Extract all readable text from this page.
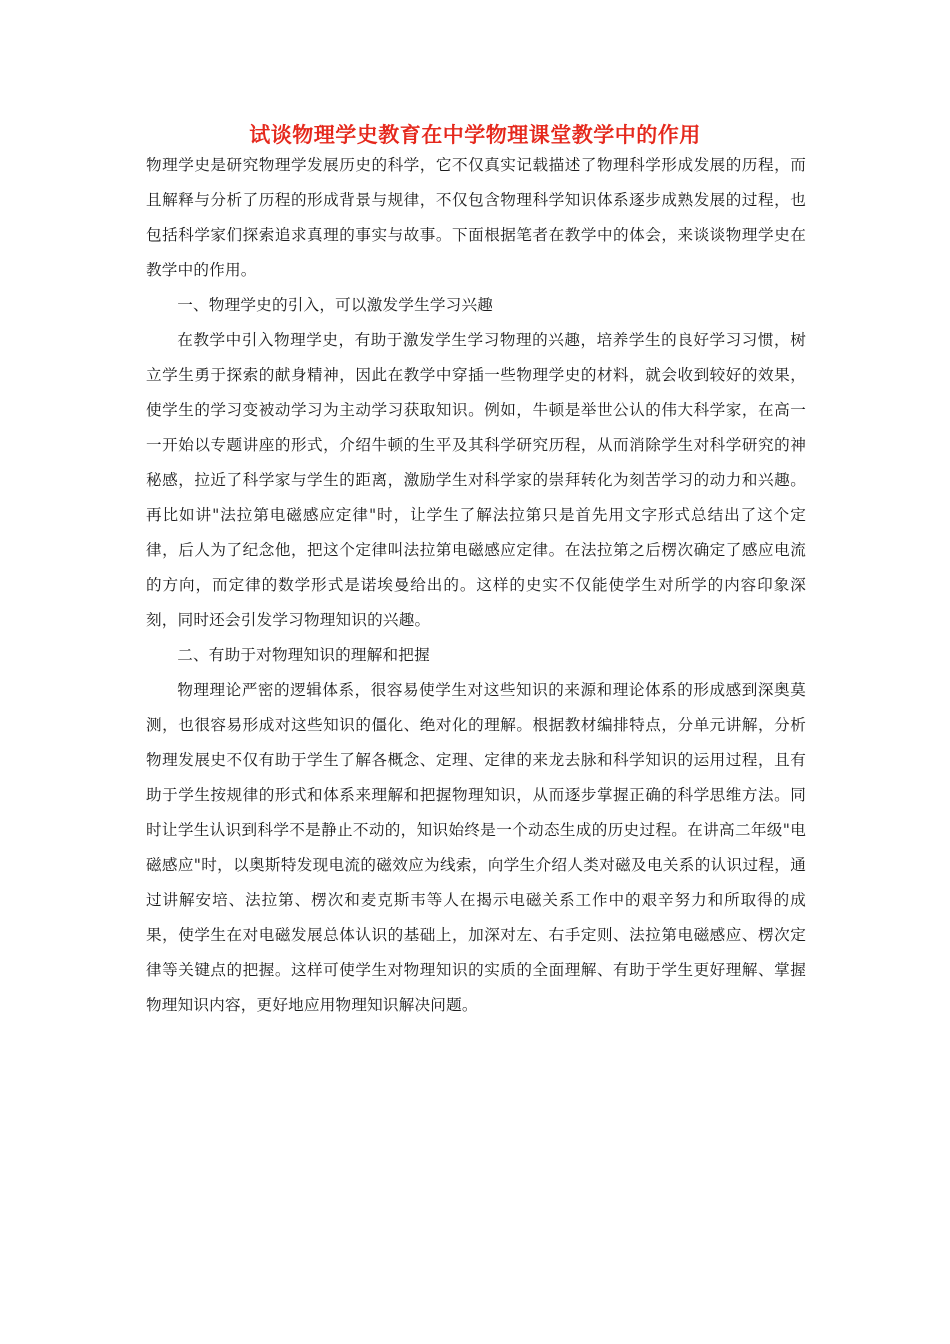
试谈物理学史教育在中学物理课堂教学中的作用

物理学史是研究物理学发展历史的科学，它不仅真实记载描述了物理科学形成发展的历程，而且解释与分析了历程的形成背景与规律，不仅包含物理科学知识体系逐步成熟发展的过程，也包括科学家们探索追求真理的事实与故事。下面根据笔者在教学中的体会，来谈谈物理学史在教学中的作用。

一、物理学史的引入，可以激发学生学习兴趣

在教学中引入物理学史，有助于激发学生学习物理的兴趣，培养学生的良好学习习惯，树立学生勇于探索的献身精神，因此在教学中穿插一些物理学史的材料，就会收到较好的效果，使学生的学习变被动学习为主动学习获取知识。例如，牛顿是举世公认的伟大科学家，在高一一开始以专题讲座的形式，介绍牛顿的生平及其科学研究历程，从而消除学生对科学研究的神秘感，拉近了科学家与学生的距离，激励学生对科学家的崇拜转化为刻苦学习的动力和兴趣。再比如讲"法拉第电磁感应定律"时，让学生了解法拉第只是首先用文字形式总结出了这个定律，后人为了纪念他，把这个定律叫法拉第电磁感应定律。在法拉第之后楞次确定了感应电流的方向，而定律的数学形式是诺埃曼给出的。这样的史实不仅能使学生对所学的内容印象深刻，同时还会引发学习物理知识的兴趣。

二、有助于对物理知识的理解和把握

物理理论严密的逻辑体系，很容易使学生对这些知识的来源和理论体系的形成感到深奥莫测，也很容易形成对这些知识的僵化、绝对化的理解。根据教材编排特点，分单元讲解，分析物理发展史不仅有助于学生了解各概念、定理、定律的来龙去脉和科学知识的运用过程，且有助于学生按规律的形式和体系来理解和把握物理知识，从而逐步掌握正确的科学思维方法。同时让学生认识到科学不是静止不动的，知识始终是一个动态生成的历史过程。在讲高二年级"电磁感应"时，以奥斯特发现电流的磁效应为线索，向学生介绍人类对磁及电关系的认识过程，通过讲解安培、法拉第、楞次和麦克斯韦等人在揭示电磁关系工作中的艰辛努力和所取得的成果，使学生在对电磁发展总体认识的基础上，加深对左、右手定则、法拉第电磁感应、楞次定律等关键点的把握。这样可使学生对物理知识的实质的全面理解、有助于学生更好理解、掌握物理知识内容，更好地应用物理知识解决问题。
